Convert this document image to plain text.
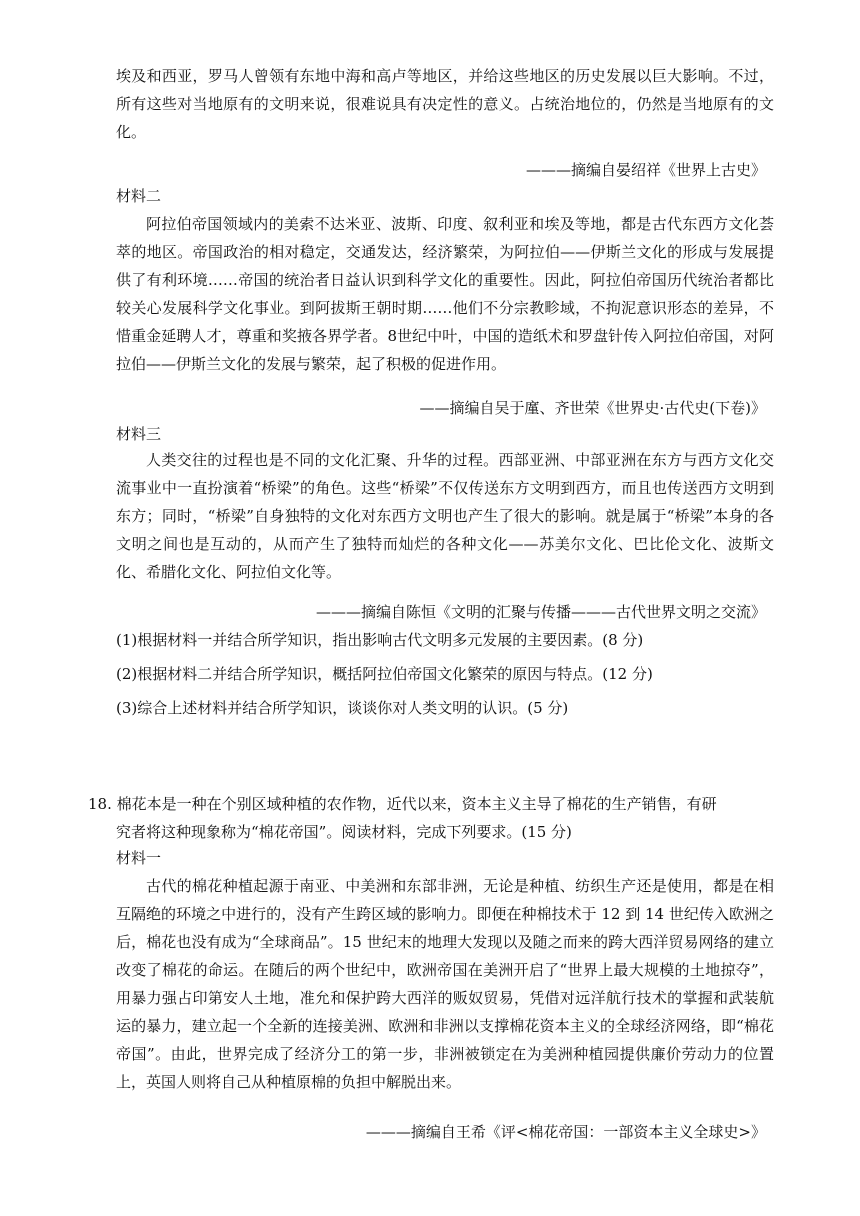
埃及和西亚，罗马人曾领有东地中海和高卢等地区，并给这些地区的历史发展以巨大影响。不过，所有这些对当地原有的文明来说，很难说具有决定性的意义。占统治地位的，仍然是当地原有的文化。

———摘编自晏绍祥《世界上古史》
材料二

阿拉伯帝国领域内的美索不达米亚、波斯、印度、叙利亚和埃及等地，都是古代东西方文化荟萃的地区。帝国政治的相对稳定，交通发达，经济繁荣，为阿拉伯——伊斯兰文化的形成与发展提供了有利环境……帝国的统治者日益认识到科学文化的重要性。因此，阿拉伯帝国历代统治者都比较关心发展科学文化事业。到阿拔斯王朝时期……他们不分宗教畛域，不拘泥意识形态的差异，不惜重金延聘人才，尊重和奖掖各界学者。8世纪中叶，中国的造纸术和罗盘针传入阿拉伯帝国，对阿拉伯——伊斯兰文化的发展与繁荣，起了积极的促进作用。

——摘编自吴于廑、齐世荣《世界史·古代史(下卷)》
材料三

人类交往的过程也是不同的文化汇聚、升华的过程。西部亚洲、中部亚洲在东方与西方文化交流事业中一直扮演着“桥梁”的角色。这些“桥梁”不仅传送东方文明到西方，而且也传送西方文明到东方；同时，“桥梁”自身独特的文化对东西方文明也产生了很大的影响。就是属于“桥梁”本身的各文明之间也是互动的，从而产生了独特而灿烂的各种文化——苏美尔文化、巴比伦文化、波斯文化、希腊化文化、阿拉伯文化等。

———摘编自陈恒《文明的汇聚与传播———古代世界文明之交流》
(1)根据材料一并结合所学知识，指出影响古代文明多元发展的主要因素。(8 分)
(2)根据材料二并结合所学知识，概括阿拉伯帝国文化繁荣的原因与特点。(12 分)
(3)综合上述材料并结合所学知识，谈谈你对人类文明的认识。(5 分)
18. 棉花本是一种在个别区域种植的农作物，近代以来，资本主义主导了棉花的生产销售，有研
究者将这种现象称为“棉花帝国”。阅读材料，完成下列要求。(15 分)
材料一

古代的棉花种植起源于南亚、中美洲和东部非洲，无论是种植、纺织生产还是使用，都是在相互隔绝的环境之中进行的，没有产生跨区域的影响力。即便在种棉技术于 12 到 14 世纪传入欧洲之后，棉花也没有成为“全球商品”。15 世纪末的地理大发现以及随之而来的跨大西洋贸易网络的建立改变了棉花的命运。在随后的两个世纪中，欧洲帝国在美洲开启了“世界上最大规模的土地掠夺”，用暴力强占印第安人土地，准允和保护跨大西洋的贩奴贸易，凭借对远洋航行技术的掌握和武装航运的暴力，建立起一个全新的连接美洲、欧洲和非洲以支撑棉花资本主义的全球经济网络，即“棉花帝国”。由此，世界完成了经济分工的第一步，非洲被锁定在为美洲种植园提供廉价劳动力的位置上，英国人则将自己从种植原棉的负担中解脱出来。

———摘编自王希《评<棉花帝国：一部资本主义全球史>》
